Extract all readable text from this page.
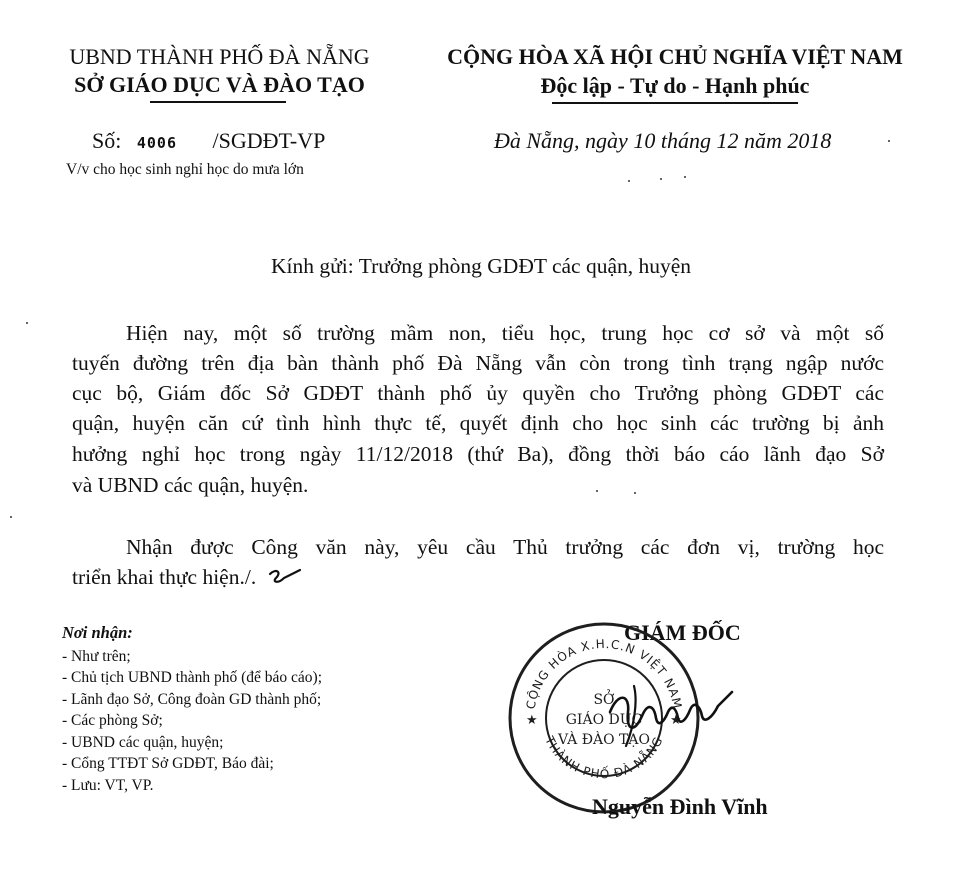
UBND THÀNH PHỐ ĐÀ NẴNG
SỞ GIÁO DỤC VÀ ĐÀO TẠO
CỘNG HÒA XÃ HỘI CHỦ NGHĨA VIỆT NAM
Độc lập - Tự do - Hạnh phúc
Số: 4006 /SGDĐT-VP
V/v cho học sinh nghỉ học do mưa lớn
Đà Nẵng, ngày 10 tháng 12 năm 2018
Kính gửi: Trưởng phòng GDĐT các quận, huyện
Hiện nay, một số trường mầm non, tiểu học, trung học cơ sở và một số
tuyến đường trên địa bàn thành phố Đà Nẵng vẫn còn trong tình trạng ngập nước
cục bộ, Giám đốc Sở GDĐT thành phố ủy quyền cho Trưởng phòng GDĐT các
quận, huyện căn cứ tình hình thực tế, quyết định cho học sinh các trường bị ảnh
hưởng nghỉ học trong ngày 11/12/2018 (thứ Ba), đồng thời báo cáo lãnh đạo Sở
và UBND các quận, huyện.
Nhận được Công văn này, yêu cầu Thủ trưởng các đơn vị, trường học
triển khai thực hiện./.
Nơi nhận:
- Như trên;
- Chủ tịch UBND thành phố (để báo cáo);
- Lãnh đạo Sở, Công đoàn GD thành phố;
- Các phòng Sở;
- UBND các quận, huyện;
- Cổng TTĐT Sở GDĐT, Báo đài;
- Lưu: VT, VP.
GIÁM ĐỐC
CỘNG HÒA X.H.C.N VIỆT NAM
THÀNH PHỐ ĐÀ NẴNG
★	★
SỞ
GIÁO DỤC
VÀ ĐÀO TẠO
Nguyễn Đình Vĩnh
